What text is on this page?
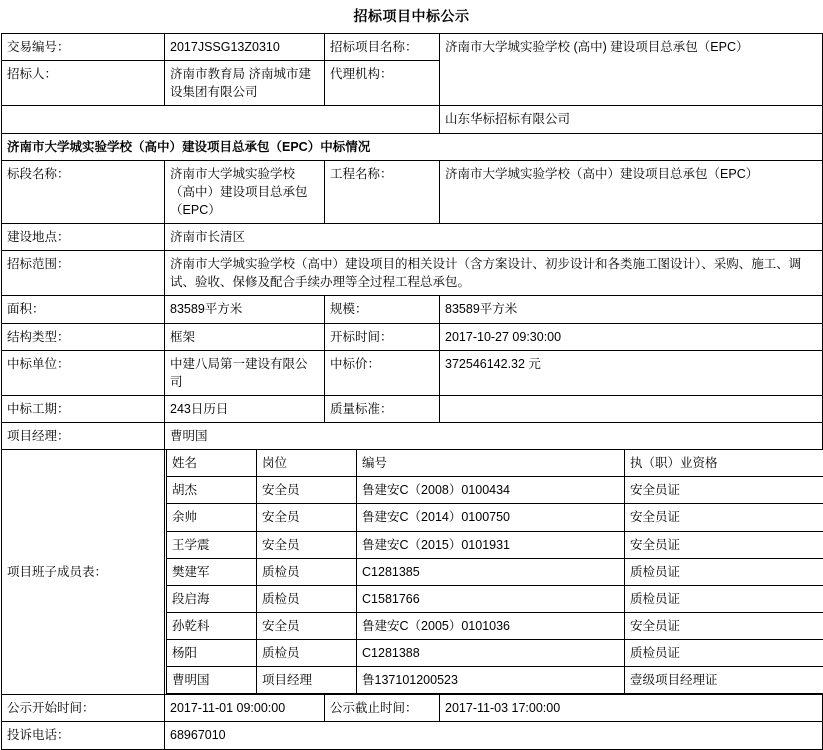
招标项目中标公示
交易编号：	2017JSSG13Z0310	招标项目名称：	济南市大学城实验学校 (高中) 建设项目总承包（EPC）
招标人：	济南市教育局 济南城市建设集团有限公司	代理机构：
			山东华标招标有限公司
济南市大学城实验学校（高中）建设项目总承包（EPC）中标情况
标段名称：	济南市大学城实验学校（高中）建设项目总承包（EPC）	工程名称：	济南市大学城实验学校（高中）建设项目总承包（EPC）
建设地点：	济南市长清区
招标范围：	济南市大学城实验学校（高中）建设项目的相关设计（含方案设计、初步设计和各类施工图设计）、采购、施工、调试、验收、保修及配合手续办理等全过程工程总承包。
面积：	83589平方米	规模：	83589平方米
结构类型：	框架	开标时间：	2017-10-27 09:30:00
中标单位：	中建八局第一建设有限公司	中标价：	372546142.32 元
中标工期：	243日历日	质量标准：	
项目经理：	曹明国
项目班子成员表：	
姓名	岗位	编号	执（职）业资格
胡杰	安全员	鲁建安C（2008）0100434	安全员证
余帅	安全员	鲁建安C（2014）0100750	安全员证
王学震	安全员	鲁建安C（2015）0101931	安全员证
樊建军	质检员	C1281385	质检员证
段启海	质检员	C1581766	质检员证
孙乾科	安全员	鲁建安C（2005）0101036	安全员证
杨阳	质检员	C1281388	质检员证
曹明国	项目经理	鲁137101200523	壹级项目经理证

公示开始时间：	2017-11-01 09:00:00	公示截止时间：	2017-11-03 17:00:00
投诉电话：	68967010
